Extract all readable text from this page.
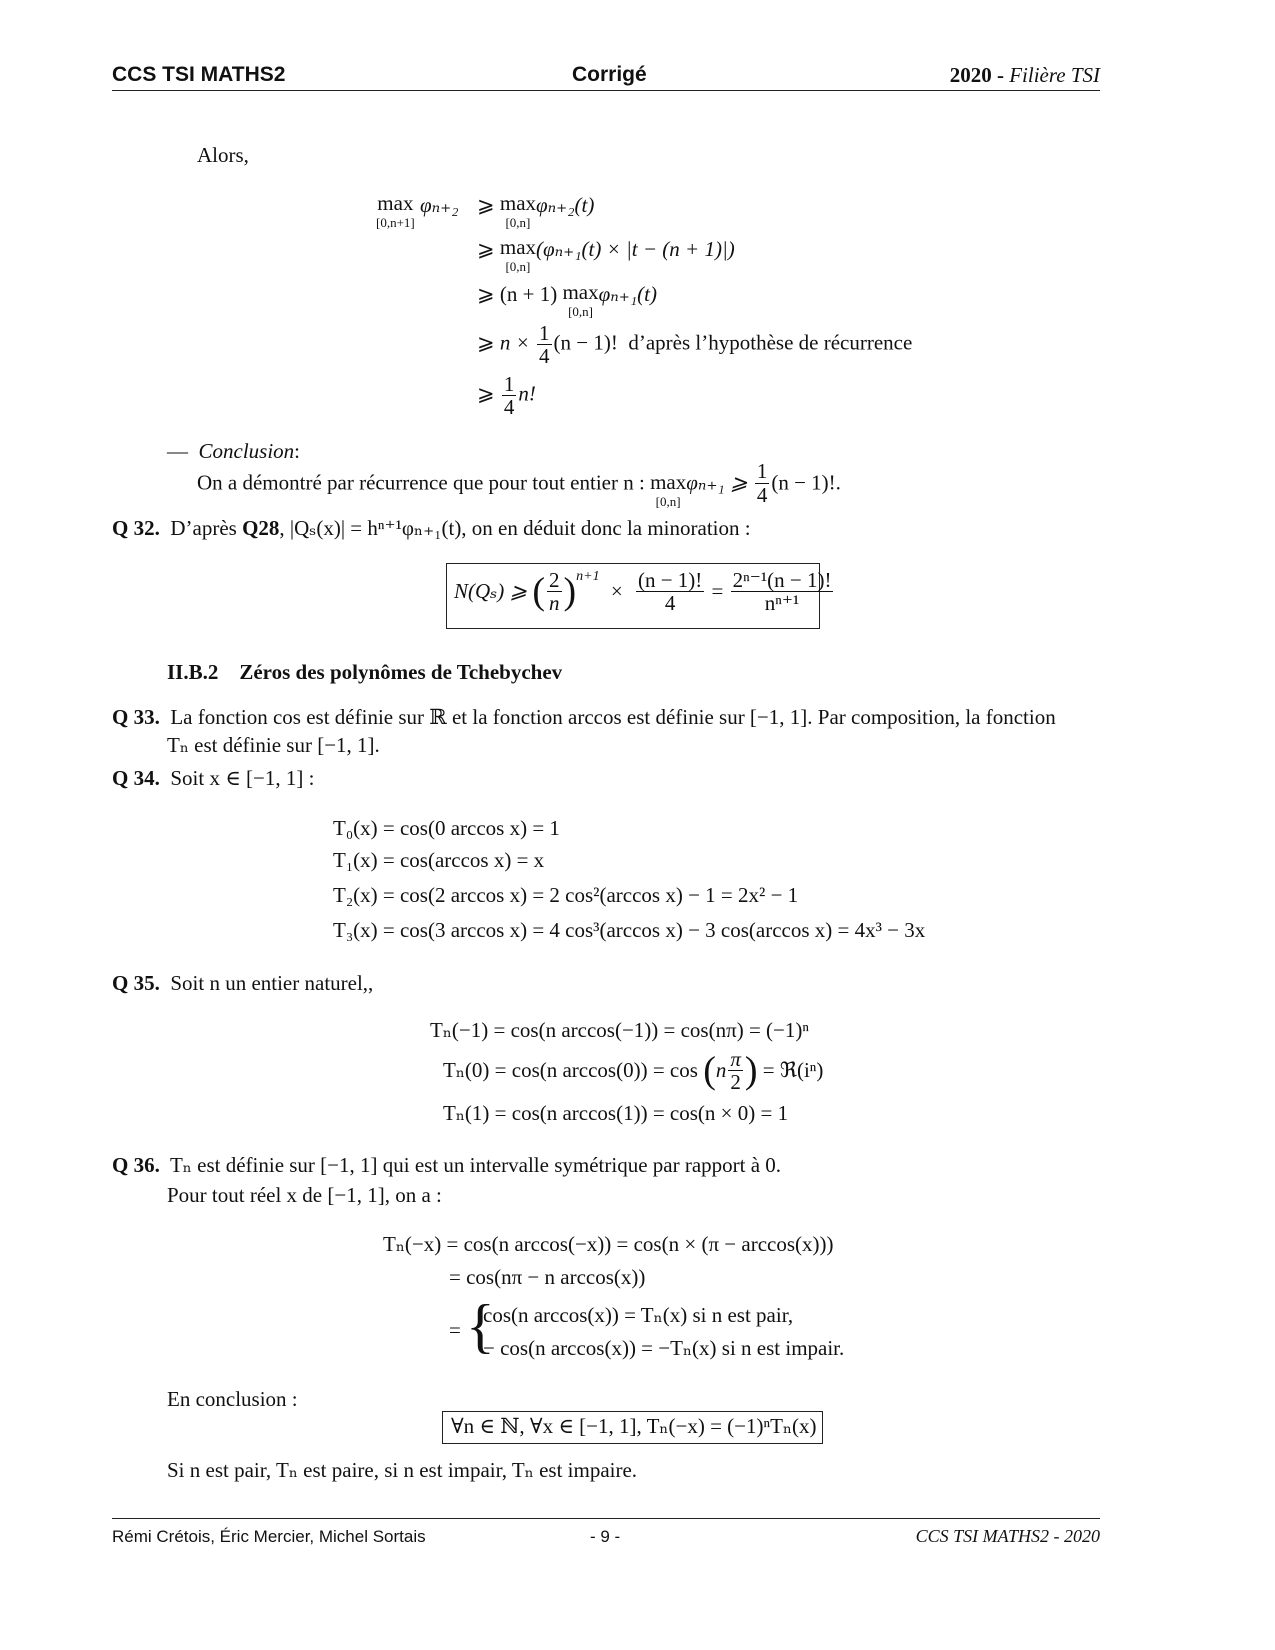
CCS TSI MATHS2	Corrigé	2020 - Filière TSI
Alors,
max
[0,n+1]
φₙ₊₂ ⩾ max
[0,n]
φₙ₊₂(t)
⩾ max
[0,n]
(φₙ₊₁(t) × |t − (n + 1)|)
⩾ (n + 1) max
[0,n]
φₙ₊₁(t)
⩾ $n \times \frac{1}{4} (n - 1)$! d’après l’hypothèse de récurrence
⩾ $\frac{1}{4} n$!
— Conclusion:
On a démontré par récurrence que pour tout entier n : max
[0,n]
φₙ₊₁ ⩾ $\frac{1}{4} (n - 1)$!.
Q 32. D’après Q28, |Qₛ(x)| = hⁿ⁺¹φₙ₊₁(t), on en déduit donc la minoration :
N(Qₛ) ⩾ ( $\frac{2}{n} )^{n+1} \times \frac{(n - 1)!}{4} = \frac{\text{2ⁿ⁻¹(n − 1)!}}{\text{nⁿ⁺¹}}$
II.B.2 Zéros des polynômes de Tchebychev
Q 33. La fonction cos est définie sur ℝ et la fonction arccos est définie sur [−1, 1]. Par composition, la fonction
Tₙ est définie sur [−1, 1].
Q 34. Soit x ∈ [−1, 1] :
T₀(x) = cos(0 arccos x) = 1
T₁(x) = cos(arccos x) = x
T₂(x) = cos(2 arccos x) = 2 cos²(arccos x) − 1 = 2x² − 1
T₃(x) = cos(3 arccos x) = 4 cos³(arccos x) − 3 cos(arccos x) = 4x³ − 3x
Q 35. Soit n un entier naturel,,
Tₙ(−1) = cos(n arccos(−1)) = cos(nπ) = (−1)ⁿ
Tₙ(0) = cos(n $\arccos(0)) = \cos (n \frac{\pi}{2}$ ) = ℜ(iⁿ)
Tₙ(1) = cos(n arccos(1)) = cos(n × 0) = 1
Q 36. Tₙ est définie sur [−1, 1] qui est un intervalle symétrique par rapport à 0.
Pour tout réel x de [−1, 1], on a :
Tₙ(−x) = cos(n arccos(−x)) = cos(n × (π − arccos(x)))
= cos(nπ − n arccos(x))
= {
cos(n arccos(x)) = Tₙ(x) si n est pair,
− cos(n arccos(x)) = −Tₙ(x) si n est impair.
En conclusion :
∀n ∈ ℕ, ∀x ∈ [−1, 1], Tₙ(−x) = (−1)ⁿTₙ(x)
Si n est pair, Tₙ est paire, si n est impair, Tₙ est impaire.
Rémi Crétois, Éric Mercier, Michel Sortais	- 9 -	CCS TSI MATHS2 - 2020
